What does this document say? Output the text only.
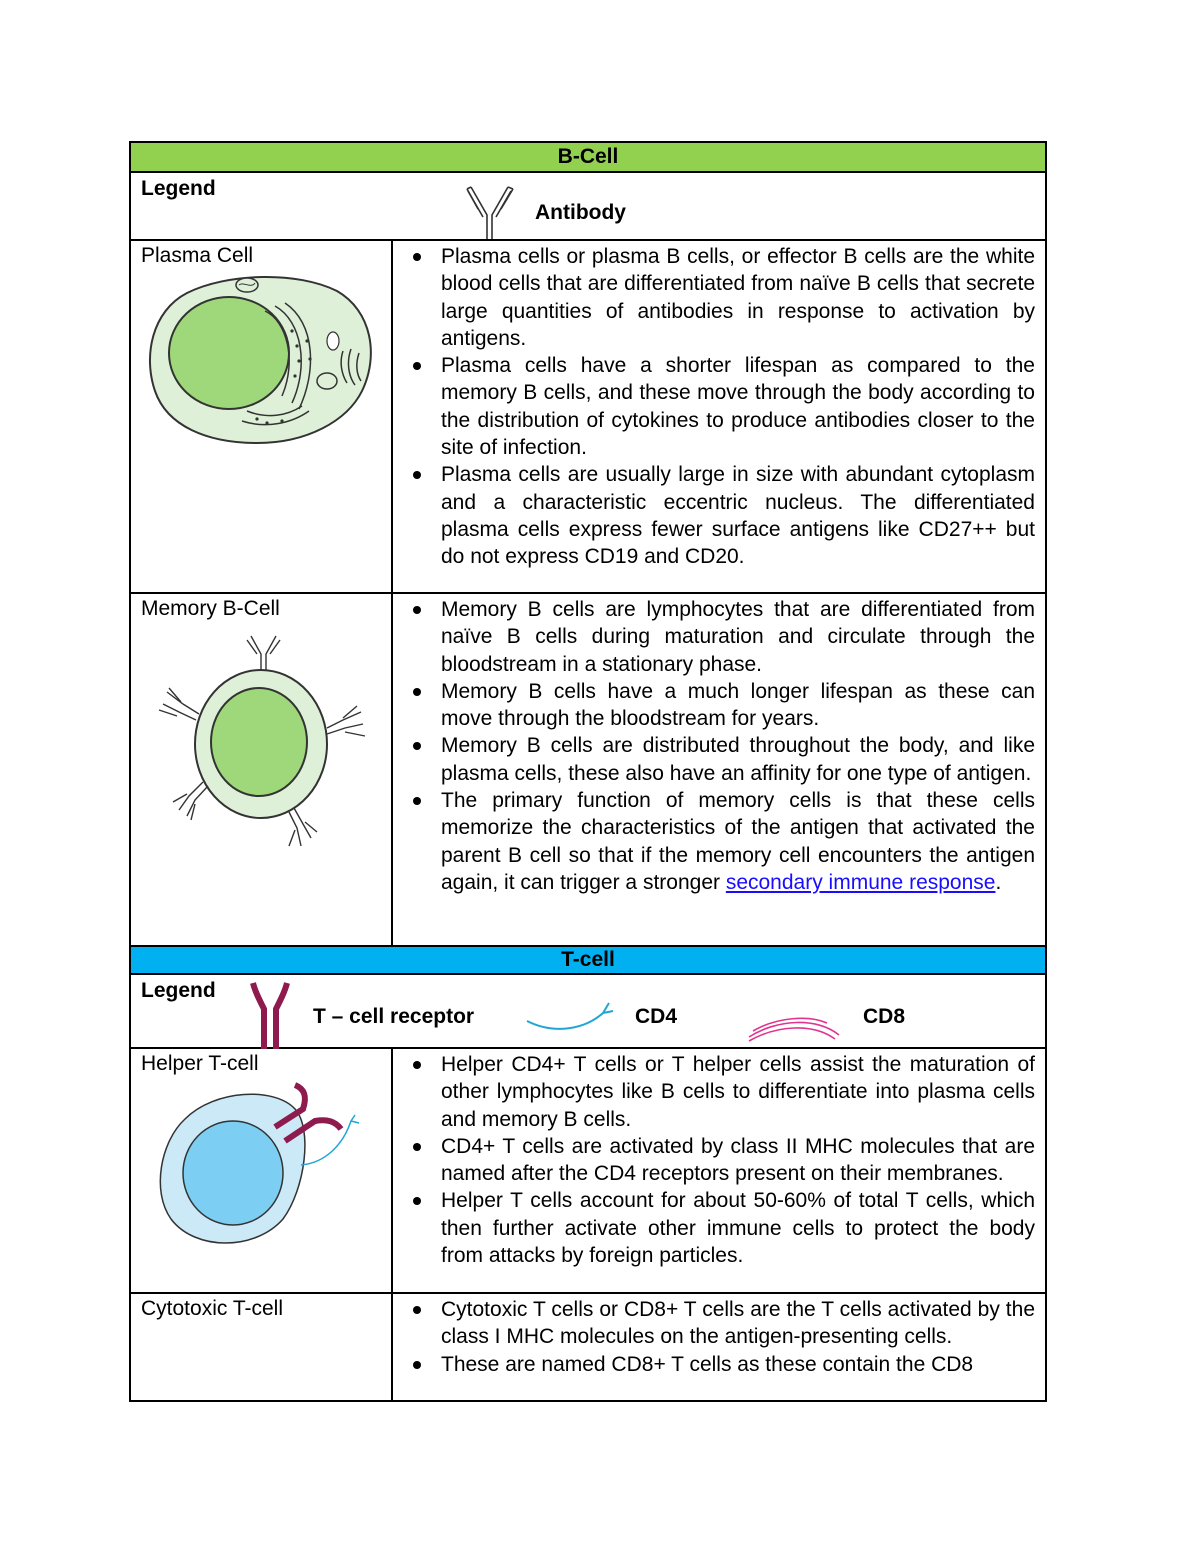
B-Cell
Legend
Antibody
Plasma Cell	Plasma cells or plasma B cells, or effector B cells are the white blood cells that are differentiated from naïve B cells that secrete large quantities of antibodies in response to activation by antigens.
Plasma cells have a shorter lifespan as compared to the memory B cells, and these move through the body according to the distribution of cytokines to produce antibodies closer to the site of infection.
Plasma cells are usually large in size with abundant cytoplasm and a characteristic eccentric nucleus. The differentiated plasma cells express fewer surface antigens like CD27++ but do not express CD19 and CD20.
Memory B-Cell	Memory B cells are lymphocytes that are differentiated from naïve B cells during maturation and circulate through the bloodstream in a stationary phase.
Memory B cells have a much longer lifespan as these can move through the bloodstream for years.
Memory B cells are distributed throughout the body, and like plasma cells, these also have an affinity for one type of antigen.
The primary function of memory cells is that these cells memorize the characteristics of the antigen that activated the parent B cell so that if the memory cell encounters the antigen again, it can trigger a stronger secondary immune response.
T-cell
Legend
T – cell receptor	CD4	CD8
Helper T-cell	Helper CD4+ T cells or T helper cells assist the maturation of other lymphocytes like B cells to differentiate into plasma cells and memory B cells.
CD4+ T cells are activated by class II MHC molecules that are named after the CD4 receptors present on their membranes.
Helper T cells account for about 50-60% of total T cells, which then further activate other immune cells to protect the body from attacks by foreign particles.
Cytotoxic T-cell	Cytotoxic T cells or CD8+ T cells are the T cells activated by the class I MHC molecules on the antigen-presenting cells.
These are named CD8+ T cells as these contain the CD8
